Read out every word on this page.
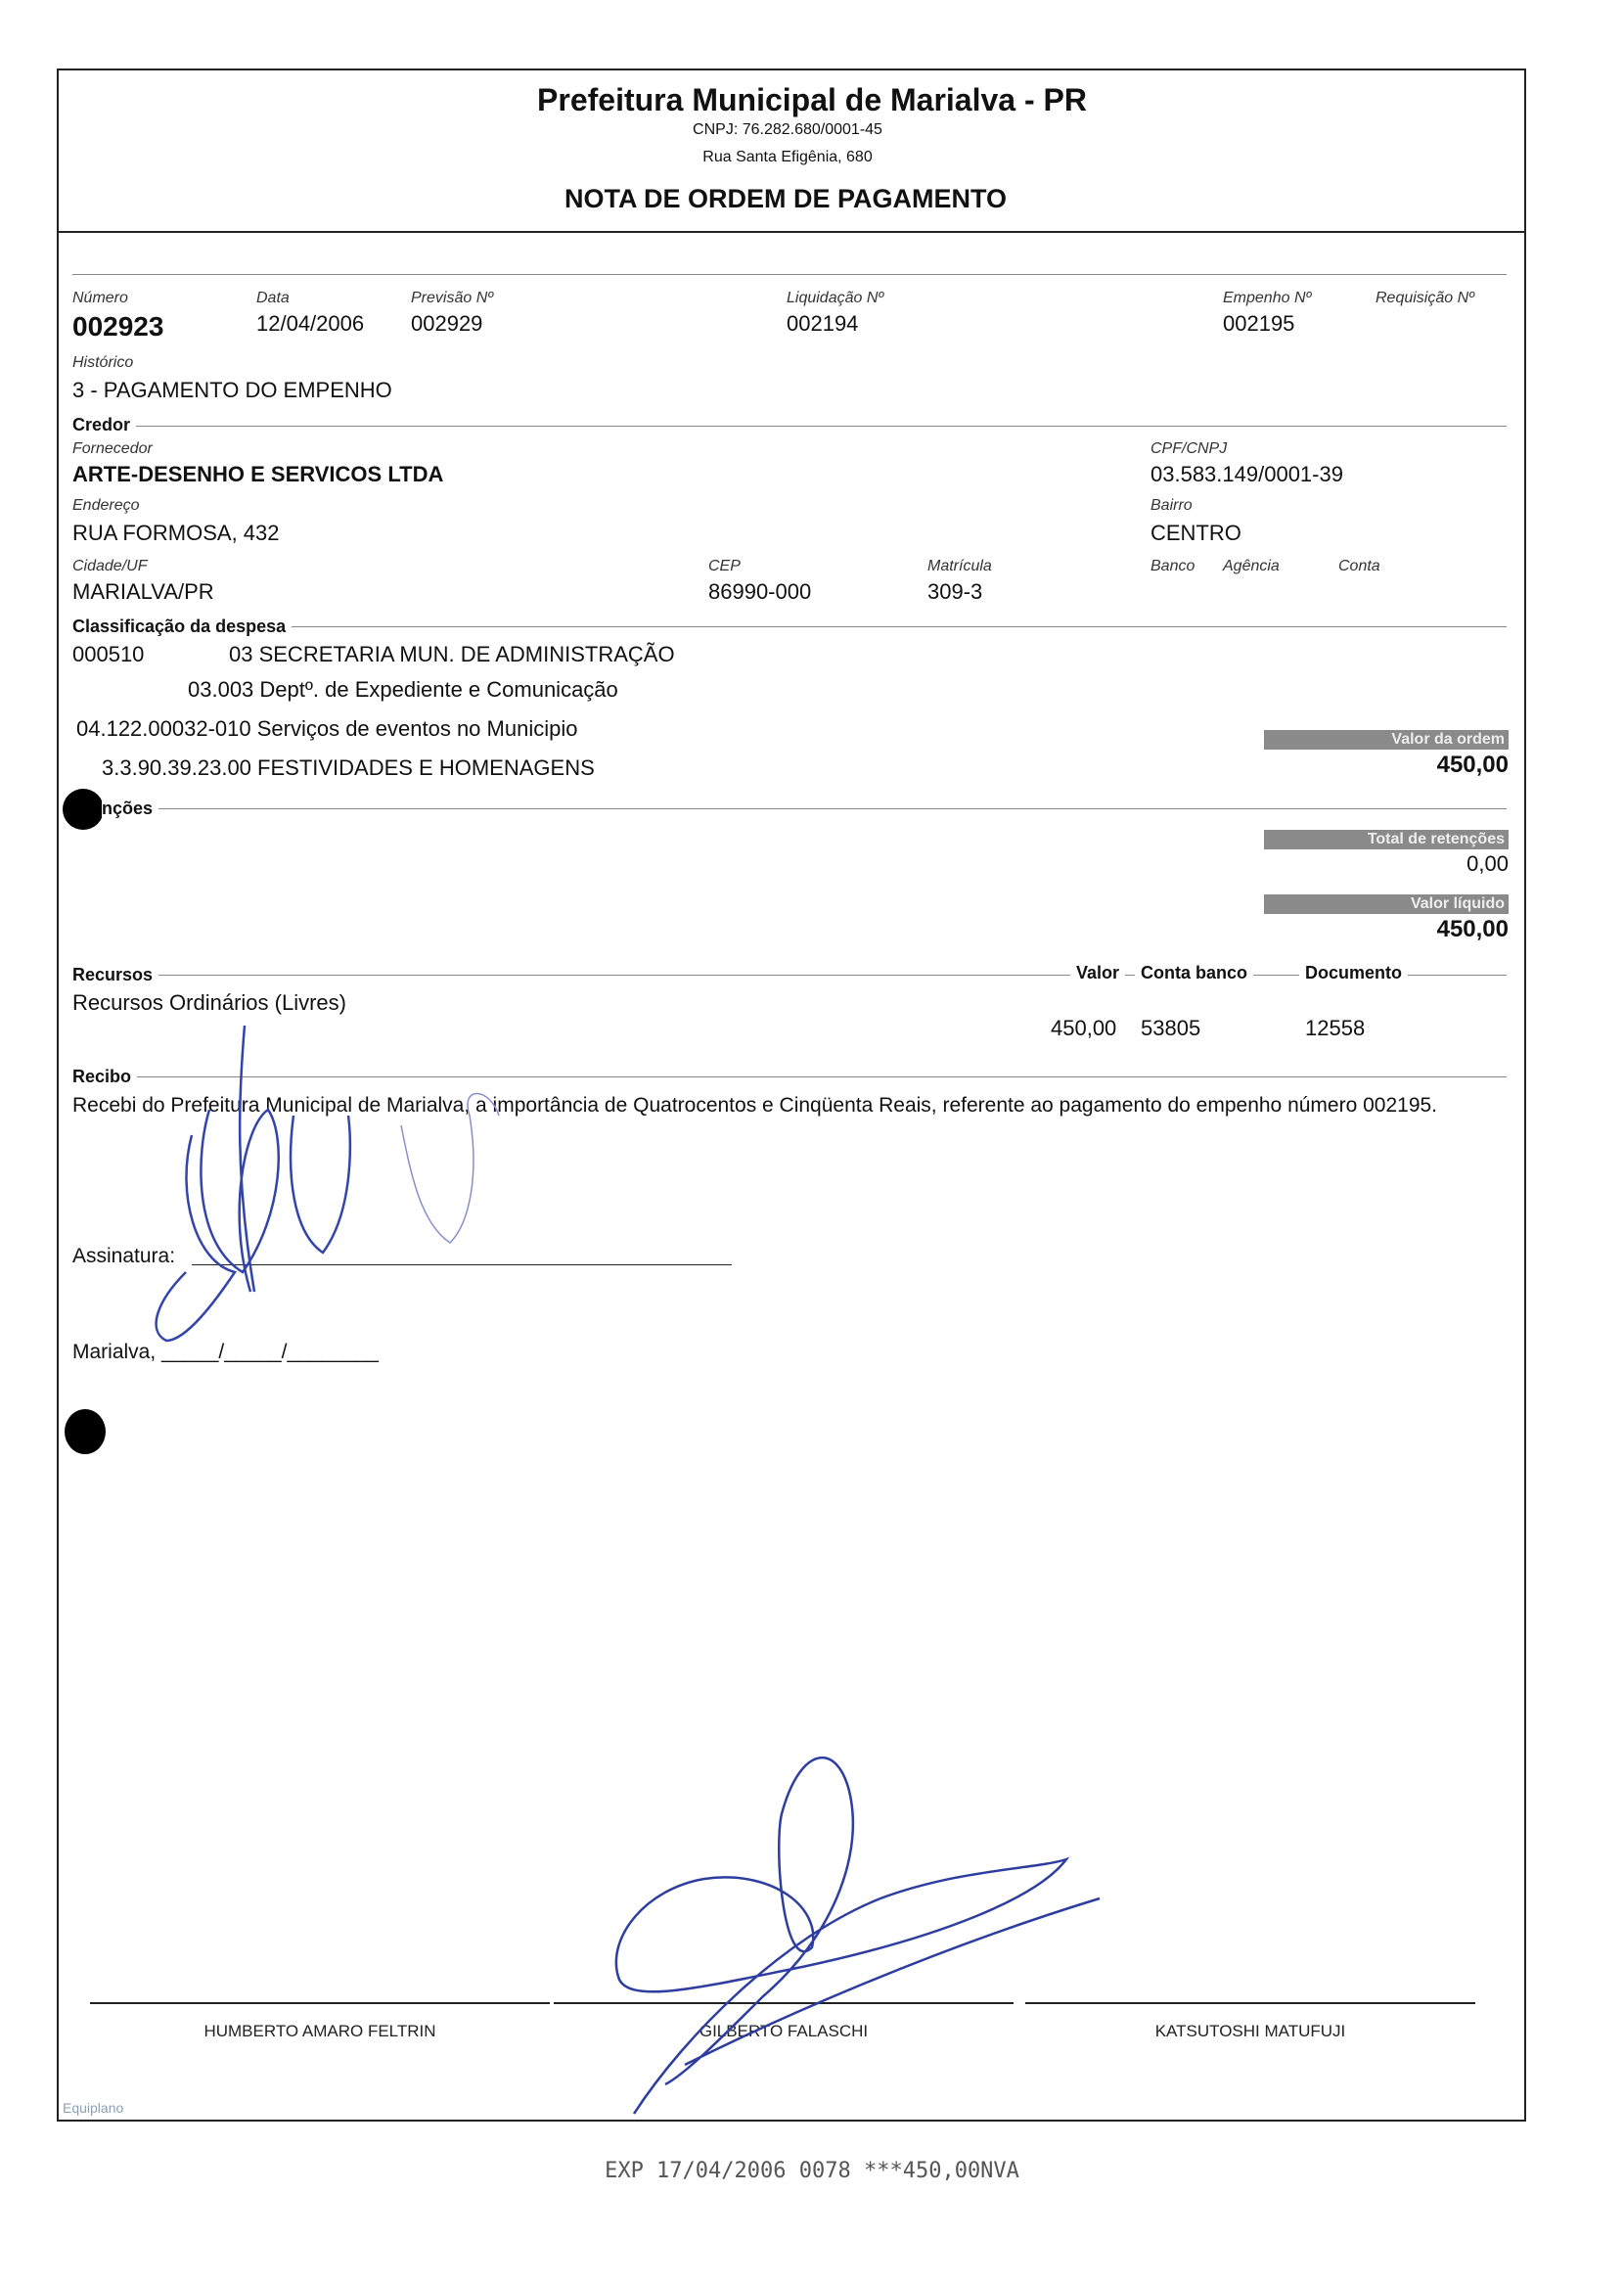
Prefeitura Municipal de Marialva - PR
CNPJ: 76.282.680/0001-45
Rua Santa Efigênia, 680
NOTA DE ORDEM DE PAGAMENTO
Número
002923
Data
12/04/2006
Previsão Nº
002929
Liquidação Nº
002194
Empenho Nº
002195
Requisição Nº
Histórico
3 - PAGAMENTO DO EMPENHO
Credor
Fornecedor
ARTE-DESENHO E SERVICOS LTDA
CPF/CNPJ
03.583.149/0001-39
Endereço
RUA FORMOSA, 432
Bairro
CENTRO
Cidade/UF
MARIALVA/PR
CEP
86990-000
Matrícula
309-3
Banco Agência	Conta
Classificação da despesa
000510	03 SECRETARIA MUN. DE ADMINISTRAÇÃO
03.003 Deptº. de Expediente e Comunicação
04.122.00032-010 Serviços de eventos no Municipio
3.3.90.39.23.00 FESTIVIDADES E HOMENAGENS
Valor da ordem
450,00
nções
Total de retenções
0,00
Valor líquido
450,00
Recursos	Valor	Conta banco	Documento
Recursos Ordinários (Livres)
450,00 53805	12558
Recibo
Recebi do Prefeitura Municipal de Marialva, a importância de Quatrocentos e Cinqüenta Reais, referente ao pagamento do empenho número 002195.
Assinatura:
Marialva, _____/_____/________
HUMBERTO AMARO FELTRIN	GILBERTO FALASCHI	KATSUTOSHI MATUFUJI
Equiplano
EXP 17/04/2006 0078 ***450,00NVA
